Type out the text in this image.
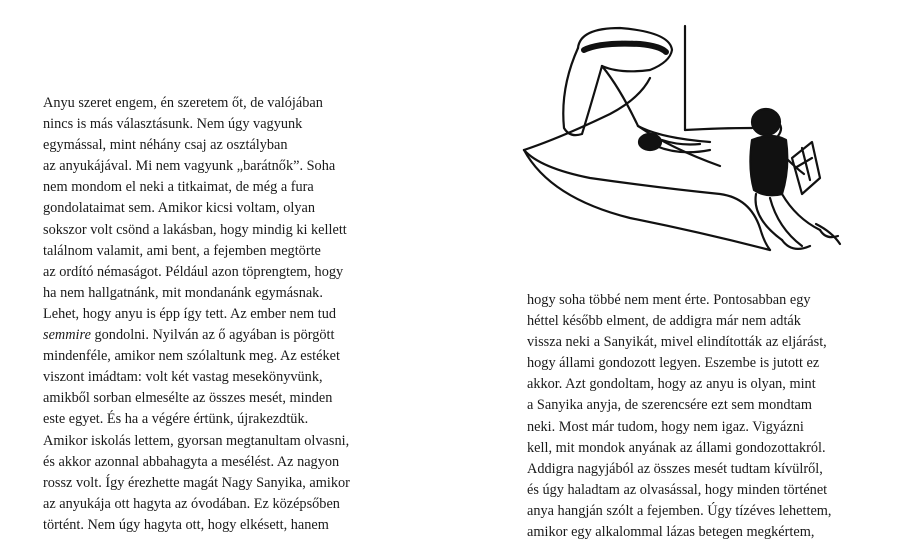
Anyu szeret engem, én szeretem őt, de valójában
nincs is más választásunk. Nem úgy vagyunk
egymással, mint néhány csaj az osztályban
az anyukájával. Mi nem vagyunk „barátnők”. Soha
nem mondom el neki a titkaimat, de még a fura
gondolataimat sem. Amikor kicsi voltam, olyan
sokszor volt csönd a lakásban, hogy mindig ki kellett
találnom valamit, ami bent, a fejemben megtörte
az ordító némaságot. Például azon töprengtem, hogy
ha nem hallgatnánk, mit mondanánk egymásnak.
Lehet, hogy anyu is épp így tett. Az ember nem tud
semmire gondolni. Nyilván az ő agyában is pörgött
mindenféle, amikor nem szólaltunk meg. Az estéket
viszont imádtam: volt két vastag mesekönyvünk,
amikből sorban elmesélte az összes mesét, minden
este egyet. És ha a végére értünk, újrakezdtük.
Amikor iskolás lettem, gyorsan megtanultam olvasni,
és akkor azonnal abbahagyta a mesélést. Az nagyon
rossz volt. Így érezhette magát Nagy Sanyika, amikor
az anyukája ott hagyta az óvodában. Ez középsőben
történt. Nem úgy hagyta ott, hogy elkésett, hanem
hogy soha többé nem ment érte. Pontosabban egy
héttel később elment, de addigra már nem adták
vissza neki a Sanyikát, mivel elindították az eljárást,
hogy állami gondozott legyen. Eszembe is jutott ez
akkor. Azt gondoltam, hogy az anyu is olyan, mint
a Sanyika anyja, de szerencsére ezt sem mondtam
neki. Most már tudom, hogy nem igaz. Vigyázni
kell, mit mondok anyának az állami gondozottakról.
Addigra nagyjából az összes mesét tudtam kívülről,
és úgy haladtam az olvasással, hogy minden történet
anya hangján szólt a fejemben. Úgy tízéves lehettem,
amikor egy alkalommal lázas betegen megkértem,
